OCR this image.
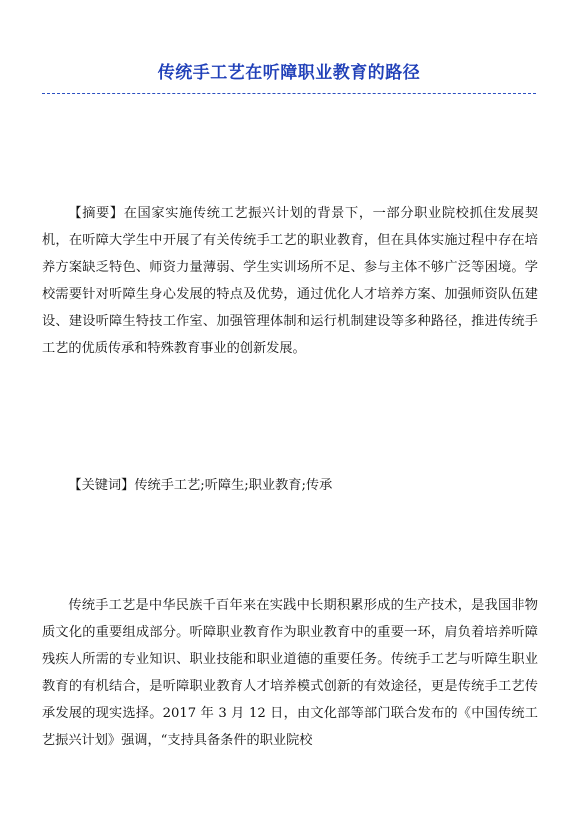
传统手工艺在听障职业教育的路径

【摘要】在国家实施传统工艺振兴计划的背景下，一部分职业院校抓住发展契机，在听障大学生中开展了有关传统手工艺的职业教育，但在具体实施过程中存在培养方案缺乏特色、师资力量薄弱、学生实训场所不足、参与主体不够广泛等困境。学校需要针对听障生身心发展的特点及优势，通过优化人才培养方案、加强师资队伍建设、建设听障生特技工作室、加强管理体制和运行机制建设等多种路径，推进传统手工艺的优质传承和特殊教育事业的创新发展。

【关键词】传统手工艺;听障生;职业教育;传承

传统手工艺是中华民族千百年来在实践中长期积累形成的生产技术，是我国非物质文化的重要组成部分。听障职业教育作为职业教育中的重要一环，肩负着培养听障残疾人所需的专业知识、职业技能和职业道德的重要任务。传统手工艺与听障生职业教育的有机结合，是听障职业教育人才培养模式创新的有效途径，更是传统手工艺传承发展的现实选择。2017 年 3 月 12 日，由文化部等部门联合发布的《中国传统工艺振兴计划》强调，“支持具备条件的职业院校
